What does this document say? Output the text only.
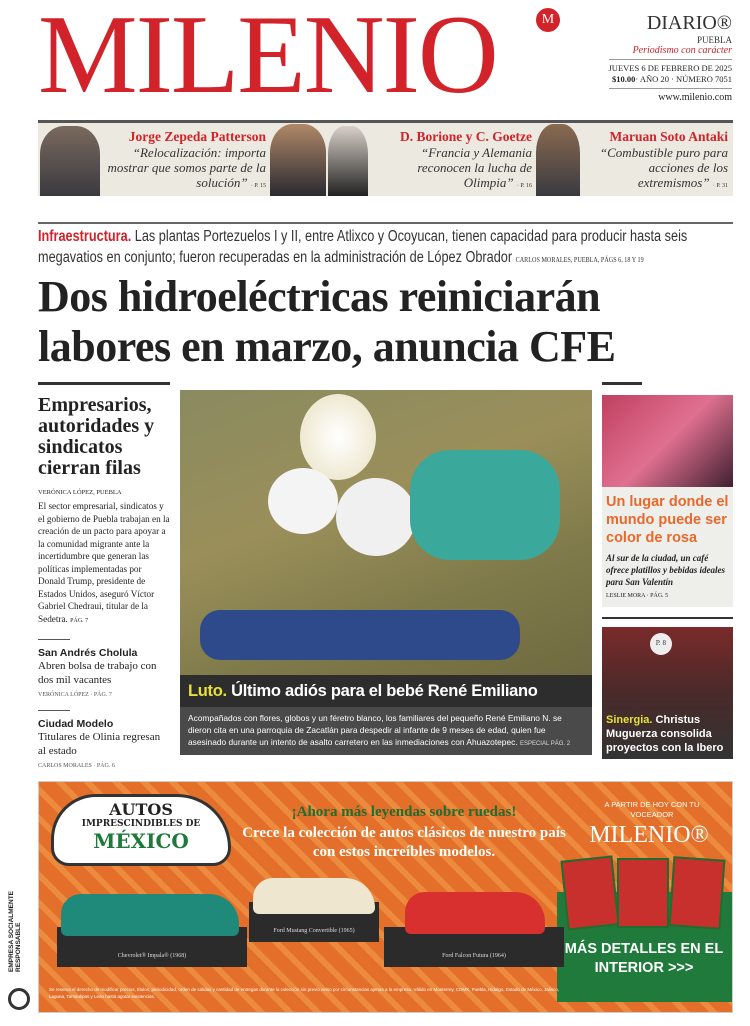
MILENIO	M	DIARIO®
PUEBLA
Periodismo con carácter
JUEVES 6 DE FEBRERO DE 2025
$10.00· AÑO 20 · NÚMERO 7051
www.milenio.com
Jorge Zepeda Patterson
“Relocalización: importa mostrar que somos parte de la solución” · P. 15
D. Borione y C. Goetze
“Francia y Alemania reconocen la lucha de Olimpia” · P. 16
Maruan Soto Antaki
“Combustible puro para acciones de los extremismos” · P. 31
Infraestructura. Las plantas Portezuelos I y II, entre Atlixco y Ocoyucan, tienen capacidad para producir hasta seis megavatios en conjunto; fueron recuperadas en la administración de López Obrador CARLOS MORALES, PUEBLA, PÁGS 6, 18 Y 19
Dos hidroeléctricas reiniciarán labores en marzo, anuncia CFE
Empresarios, autoridades y sindicatos cierran filas
VERÓNICA LÓPEZ, PUEBLA
El sector empresarial, sindicatos y el gobierno de Puebla trabajan en la creación de un pacto para apoyar a la comunidad migrante ante la incertidumbre que generan las políticas implementadas por Donald Trump, presidente de Estados Unidos, aseguró Víctor Gabriel Chedraui, titular de la Sedetra. PÁG. 7
San Andrés Cholula
Abren bolsa de trabajo con dos mil vacantes
VERÓNICA LÓPEZ · PÁG. 7
Ciudad Modelo
Titulares de Olinia regresan al estado
CARLOS MORALES · PÁG. 6
Luto. Último adiós para el bebé René Emiliano
Acompañados con flores, globos y un féretro blanco, los familiares del pequeño René Emiliano N. se dieron cita en una parroquia de Zacatlán para despedir al infante de 9 meses de edad, quien fue asesinado durante un intento de asalto carretero en las inmediaciones con Ahuazotepec. ESPECIAL PÁG. 2
Un lugar donde el mundo puede ser color de rosa
Al sur de la ciudad, un café ofrece platillos y bebidas ideales para San Valentín
LESLIE MORA · PÁG. 5
P. 8
Sinergia. Christus Muguerza consolida proyectos con la Ibero
AUTOS
IMPRESCINDIBLES DE
MÉXICO
¡Ahora más leyendas sobre ruedas!
Crece la colección de autos clásicos de nuestro país con estos increíbles modelos.
A PARTIR DE HOY CON TU VOCEADOR
MILENIO®
MÁS DETALLES EN EL INTERIOR >>>
Chevrolet® Impala® (1968)
Ford Mustang Convertible (1965)
Ford Falcon Futura (1964)
Se reserva el derecho de modificar precios, títulos, periodicidad, orden de salidas y cantidad de entregas durante la colección sin previo aviso por circunstancias ajenas a la empresa. Válido en Monterrey, CDMX, Puebla, Hidalgo, Estado de México, Jalisco, Laguna, Tamaulipas y León hasta agotar existencias.
EMPRESA SOCIALMENTE RESPONSABLE
